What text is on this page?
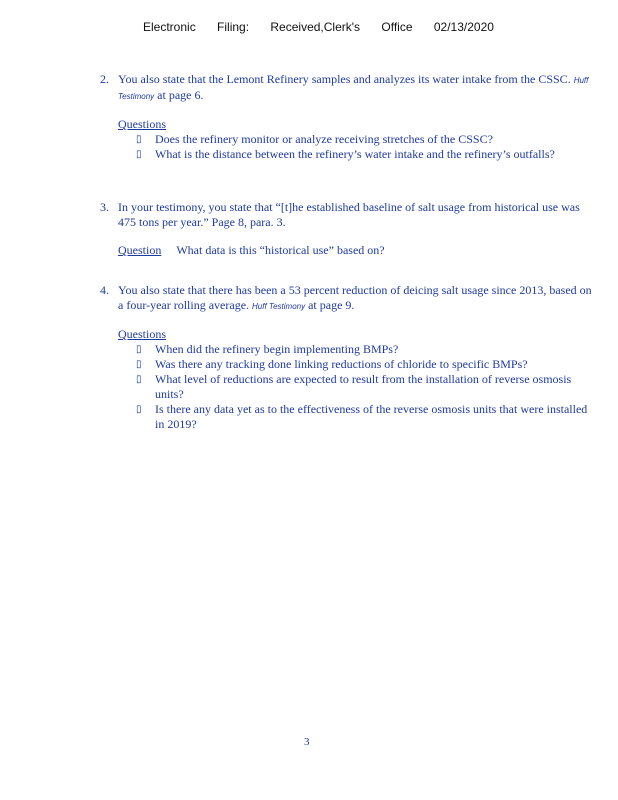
Electronic Filing: Received,Clerk's Office 02/13/2020
2. You also state that the Lemont Refinery samples and analyzes its water intake from the CSSC. Huff Testimony at page 6.
Questions
▯ Does the refinery monitor or analyze receiving stretches of the CSSC?
▯ What is the distance between the refinery’s water intake and the refinery’s outfalls?
3. In your testimony, you state that “[t]he established baseline of salt usage from historical use was 475 tons per year.” Page 8, para. 3.
Question What data is this “historical use” based on?
4. You also state that there has been a 53 percent reduction of deicing salt usage since 2013, based on a four-year rolling average. Huff Testimony at page 9.
Questions
▯ When did the refinery begin implementing BMPs?
▯ Was there any tracking done linking reductions of chloride to specific BMPs?
▯ What level of reductions are expected to result from the installation of reverse osmosis units?
▯ Is there any data yet as to the effectiveness of the reverse osmosis units that were installed in 2019?
3
